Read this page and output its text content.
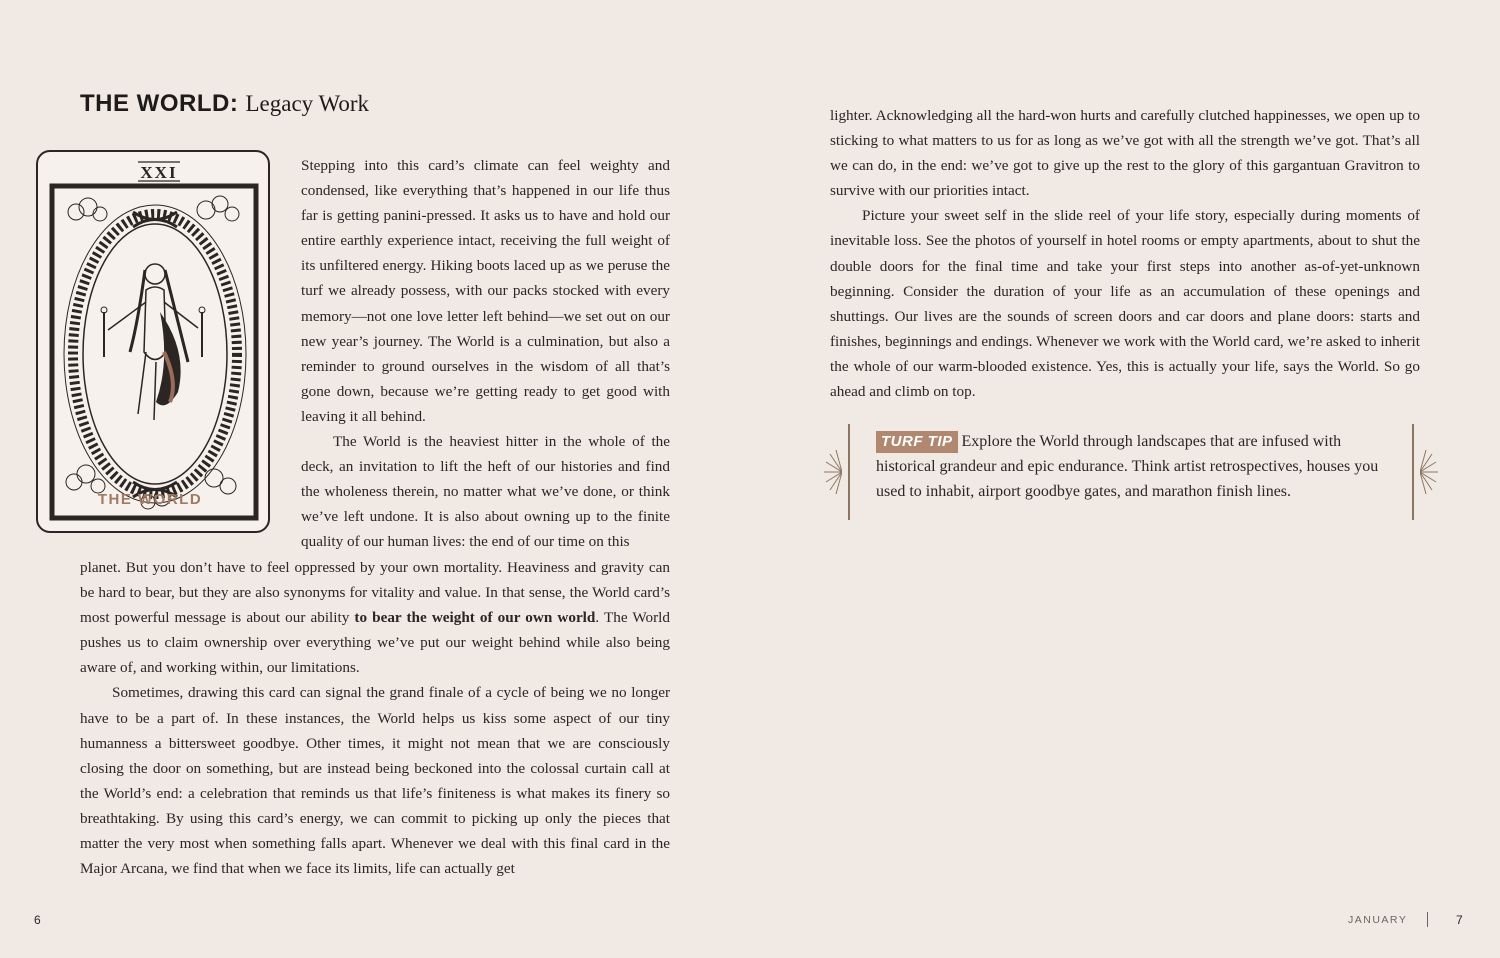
THE WORLD: Legacy Work
XXI
THE WORLD

Stepping into this card’s climate can feel weighty and condensed, like everything that’s happened in our life thus far is getting panini-pressed. It asks us to have and hold our entire earthly experience intact, receiving the full weight of its unfiltered energy. Hiking boots laced up as we peruse the turf we already possess, with our packs stocked with every memory—not one love letter left behind—we set out on our new year’s journey. The World is a culmination, but also a reminder to ground ourselves in the wisdom of all that’s gone down, because we’re getting ready to get good with leaving it all behind.

The World is the heaviest hitter in the whole of the deck, an invitation to lift the heft of our histories and find the wholeness therein, no matter what we’ve done, or think we’ve left undone. It is also about owning up to the finite quality of our human lives: the end of our time on this

planet. But you don’t have to feel oppressed by your own mortality. Heaviness and gravity can be hard to bear, but they are also synonyms for vitality and value. In that sense, the World card’s most powerful message is about our ability to bear the weight of our own world. The World pushes us to claim ownership over everything we’ve put our weight behind while also being aware of, and working within, our limitations.

Sometimes, drawing this card can signal the grand finale of a cycle of being we no longer have to be a part of. In these instances, the World helps us kiss some aspect of our tiny humanness a bittersweet goodbye. Other times, it might not mean that we are consciously closing the door on something, but are instead being beckoned into the colossal curtain call at the World’s end: a celebration that reminds us that life’s finiteness is what makes its finery so breathtaking. By using this card’s energy, we can commit to picking up only the pieces that matter the very most when something falls apart. Whenever we deal with this final card in the Major Arcana, we find that when we face its limits, life can actually get

6

lighter. Acknowledging all the hard-won hurts and carefully clutched happinesses, we open up to sticking to what matters to us for as long as we’ve got with all the strength we’ve got. That’s all we can do, in the end: we’ve got to give up the rest to the glory of this gargantuan Gravitron to survive with our priorities intact.

Picture your sweet self in the slide reel of your life story, especially during moments of inevitable loss. See the photos of yourself in hotel rooms or empty apartments, about to shut the double doors for the final time and take your first steps into another as-of-yet-unknown beginning. Consider the duration of your life as an accumulation of these openings and shuttings. Our lives are the sounds of screen doors and car doors and plane doors: starts and finishes, beginnings and endings. Whenever we work with the World card, we’re asked to inherit the whole of our warm-blooded existence. Yes, this is actually your life, says the World. So go ahead and climb on top.

TURF TIP Explore the World through landscapes that are infused with historical grandeur and epic endurance. Think artist retrospectives, houses you used to inhabit, airport goodbye gates, and marathon finish lines.
JANUARY	7
